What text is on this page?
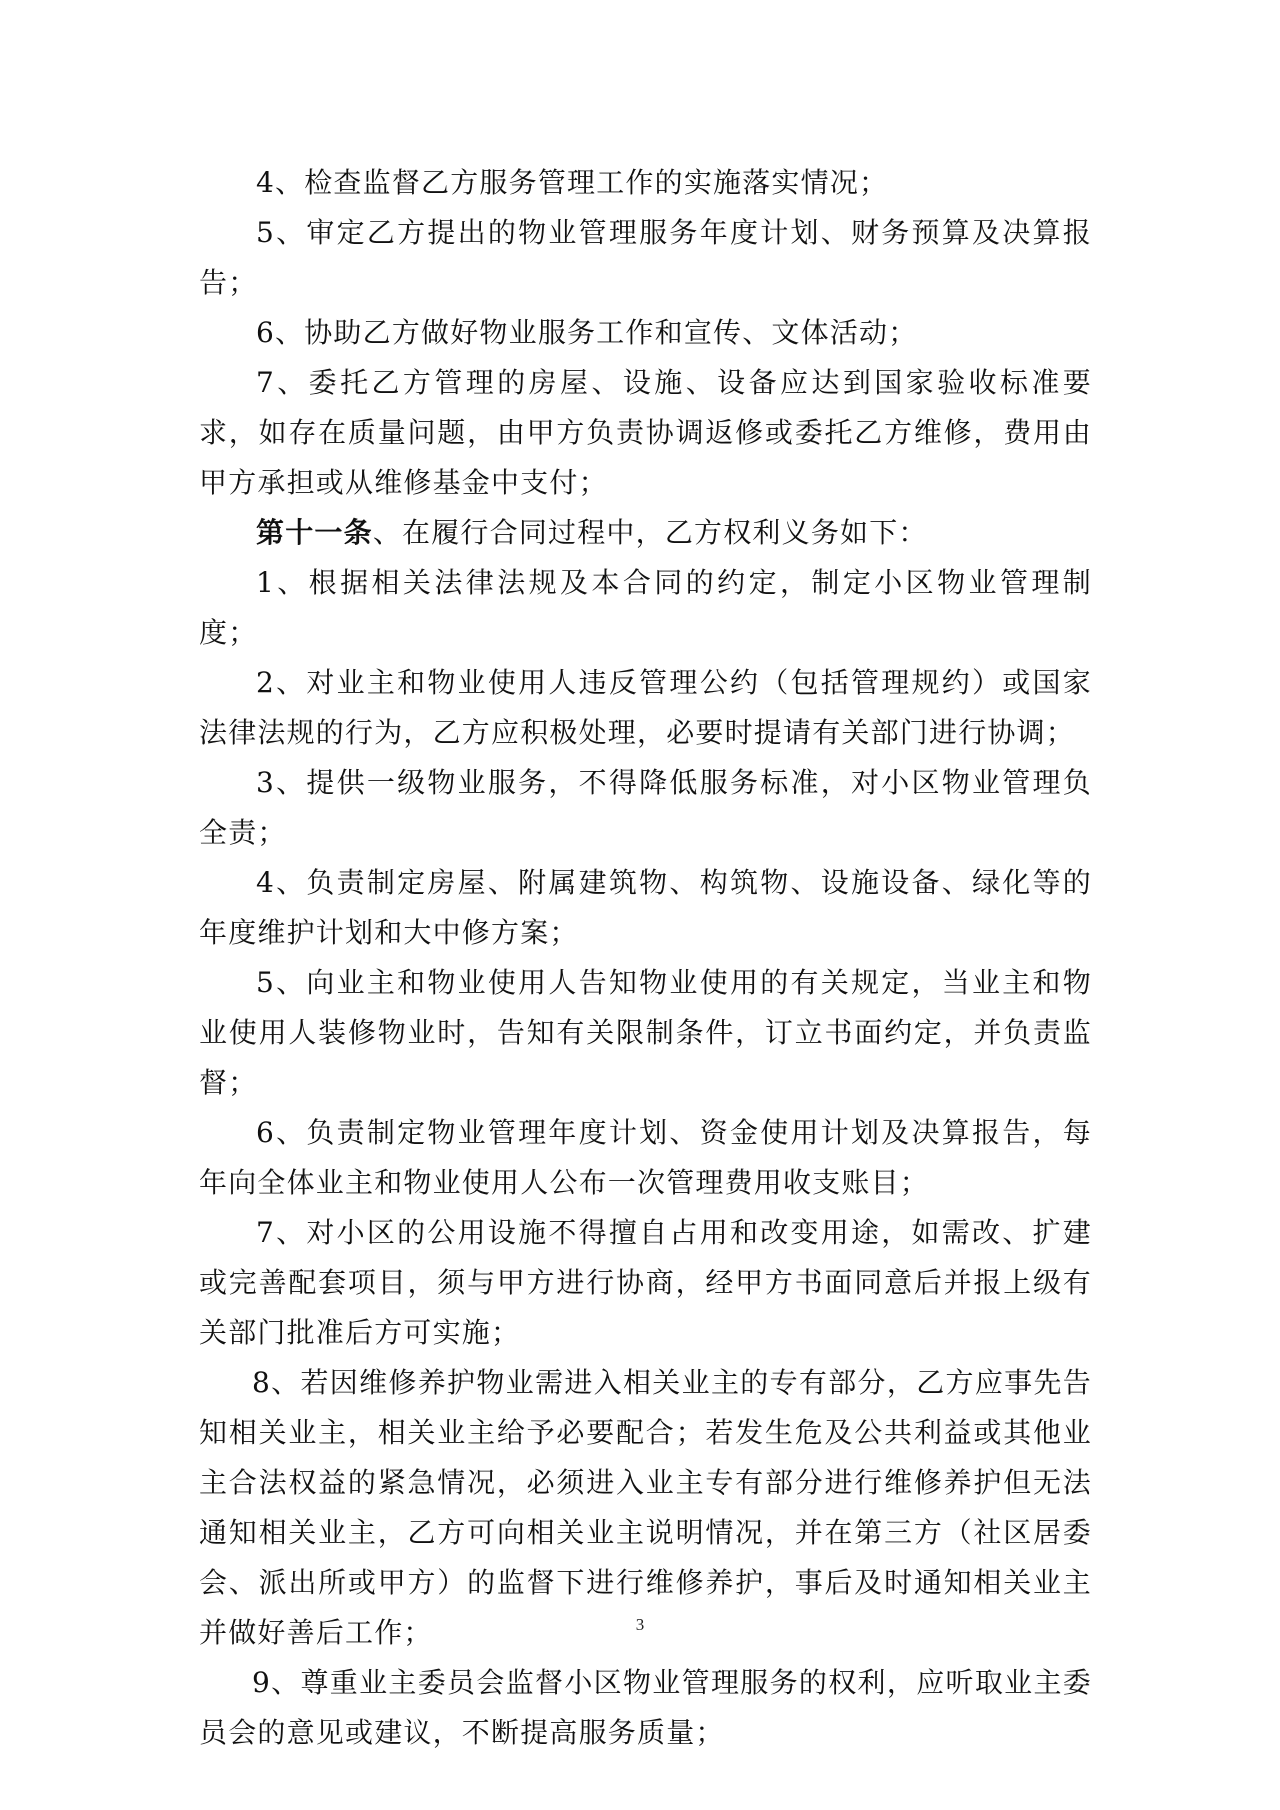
4、检查监督乙方服务管理工作的实施落实情况；

5、审定乙方提出的物业管理服务年度计划、财务预算及决算报告；

6、协助乙方做好物业服务工作和宣传、文体活动；

7、委托乙方管理的房屋、设施、设备应达到国家验收标准要求，如存在质量问题，由甲方负责协调返修或委托乙方维修，费用由甲方承担或从维修基金中支付；

第十一条、在履行合同过程中，乙方权利义务如下：

1、根据相关法律法规及本合同的约定，制定小区物业管理制度；

2、对业主和物业使用人违反管理公约（包括管理规约）或国家法律法规的行为，乙方应积极处理，必要时提请有关部门进行协调；

3、提供一级物业服务，不得降低服务标准，对小区物业管理负全责；

4、负责制定房屋、附属建筑物、构筑物、设施设备、绿化等的年度维护计划和大中修方案；

5、向业主和物业使用人告知物业使用的有关规定，当业主和物业使用人装修物业时，告知有关限制条件，订立书面约定，并负责监督；

6、负责制定物业管理年度计划、资金使用计划及决算报告，每年向全体业主和物业使用人公布一次管理费用收支账目；

7、对小区的公用设施不得擅自占用和改变用途，如需改、扩建或完善配套项目，须与甲方进行协商，经甲方书面同意后并报上级有关部门批准后方可实施；

8、若因维修养护物业需进入相关业主的专有部分，乙方应事先告知相关业主，相关业主给予必要配合；若发生危及公共利益或其他业主合法权益的紧急情况，必须进入业主专有部分进行维修养护但无法通知相关业主，乙方可向相关业主说明情况，并在第三方（社区居委会、派出所或甲方）的监督下进行维修养护，事后及时通知相关业主并做好善后工作；

9、尊重业主委员会监督小区物业管理服务的权利，应听取业主委员会的意见或建议，不断提高服务质量；

3
